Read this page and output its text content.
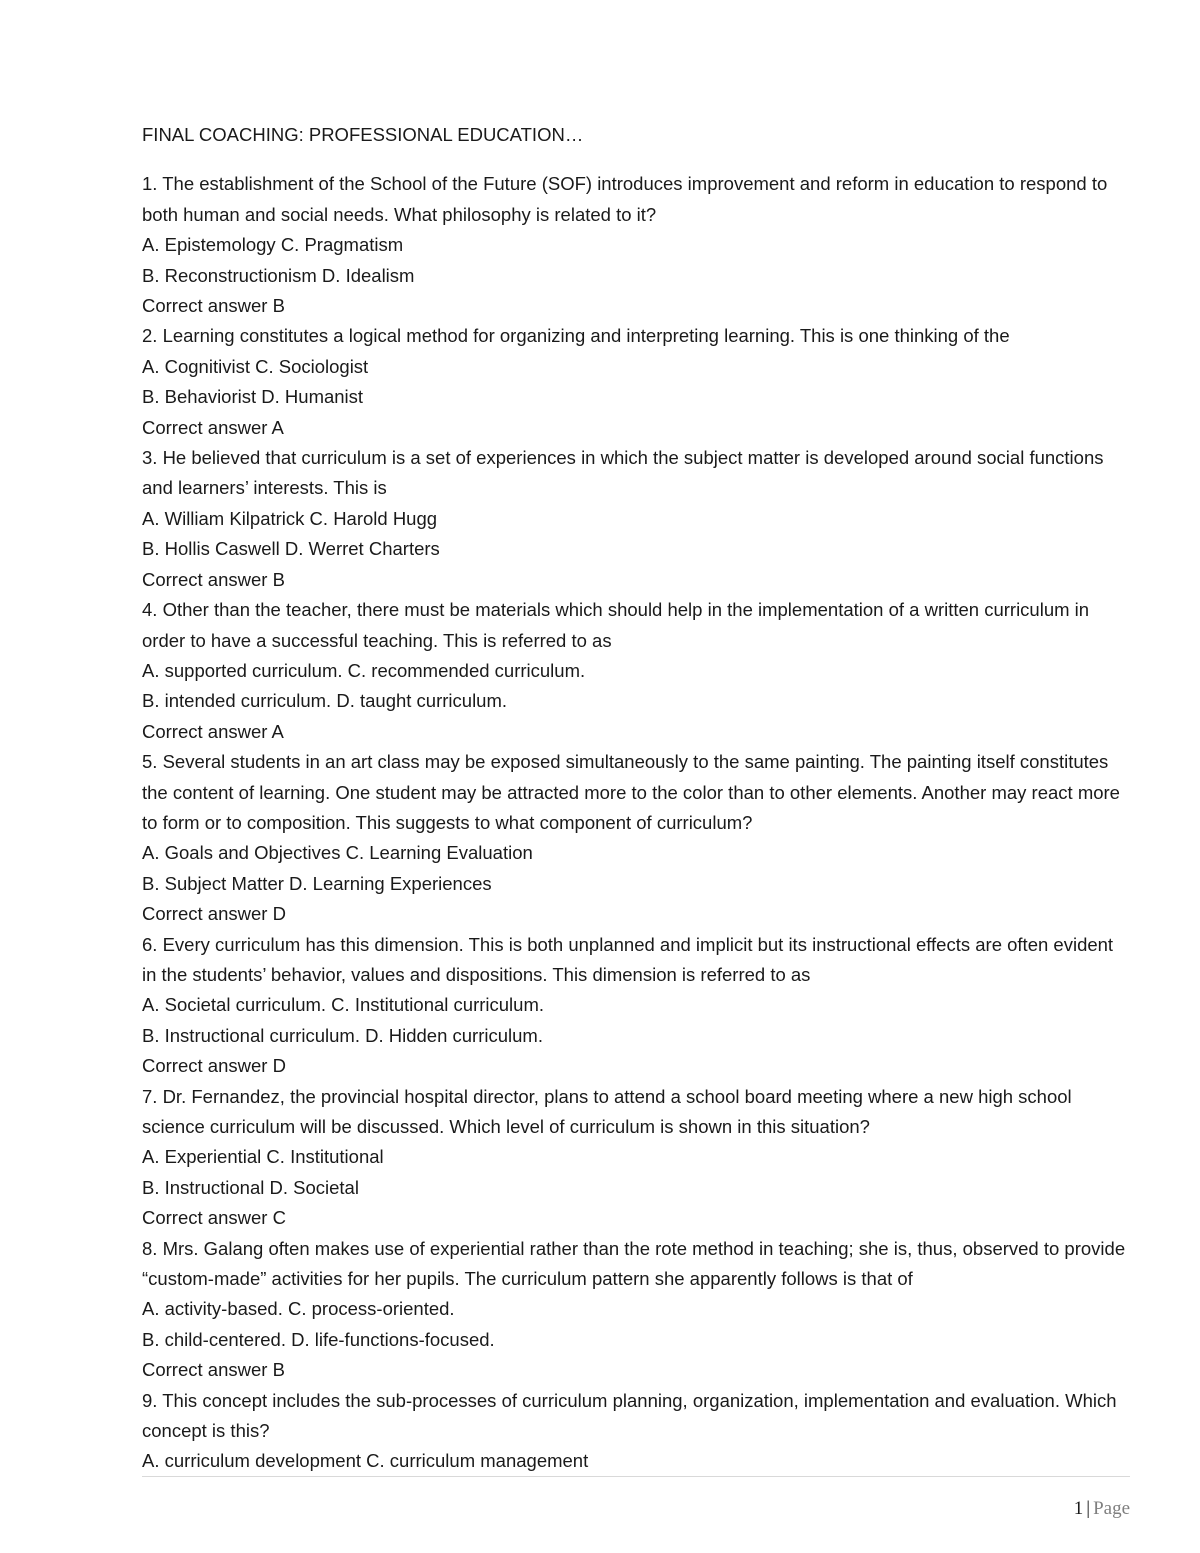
FINAL COACHING: PROFESSIONAL EDUCATION…
1. The establishment of the School of the Future (SOF) introduces improvement and reform in education to respond to both human and social needs. What philosophy is related to it?
A. Epistemology C. Pragmatism
B. Reconstructionism D. Idealism
Correct answer B
2. Learning constitutes a logical method for organizing and interpreting learning. This is one thinking of the
A. Cognitivist C. Sociologist
B. Behaviorist D. Humanist
Correct answer A
3. He believed that curriculum is a set of experiences in which the subject matter is developed around social functions and learners’ interests. This is
A. William Kilpatrick C. Harold Hugg
B. Hollis Caswell D. Werret Charters
Correct answer B
4. Other than the teacher, there must be materials which should help in the implementation of a written curriculum in order to have a successful teaching. This is referred to as
A. supported curriculum. C. recommended curriculum.
B. intended curriculum. D. taught curriculum.
Correct answer A
5. Several students in an art class may be exposed simultaneously to the same painting. The painting itself constitutes the content of learning. One student may be attracted more to the color than to other elements. Another may react more to form or to composition. This suggests to what component of curriculum?
A. Goals and Objectives C. Learning Evaluation
B. Subject Matter D. Learning Experiences
Correct answer D
6. Every curriculum has this dimension. This is both unplanned and implicit but its instructional effects are often evident in the students’ behavior, values and dispositions. This dimension is referred to as
A. Societal curriculum. C. Institutional curriculum.
B. Instructional curriculum. D. Hidden curriculum.
Correct answer D
7. Dr. Fernandez, the provincial hospital director, plans to attend a school board meeting where a new high school science curriculum will be discussed. Which level of curriculum is shown in this situation?
A. Experiential C. Institutional
B. Instructional D. Societal
Correct answer C
8. Mrs. Galang often makes use of experiential rather than the rote method in teaching; she is, thus, observed to provide “custom-made” activities for her pupils. The curriculum pattern she apparently follows is that of
A. activity-based. C. process-oriented.
B. child-centered. D. life-functions-focused.
Correct answer B
9. This concept includes the sub-processes of curriculum planning, organization, implementation and evaluation. Which concept is this?
A. curriculum development C. curriculum management
1 | Page
